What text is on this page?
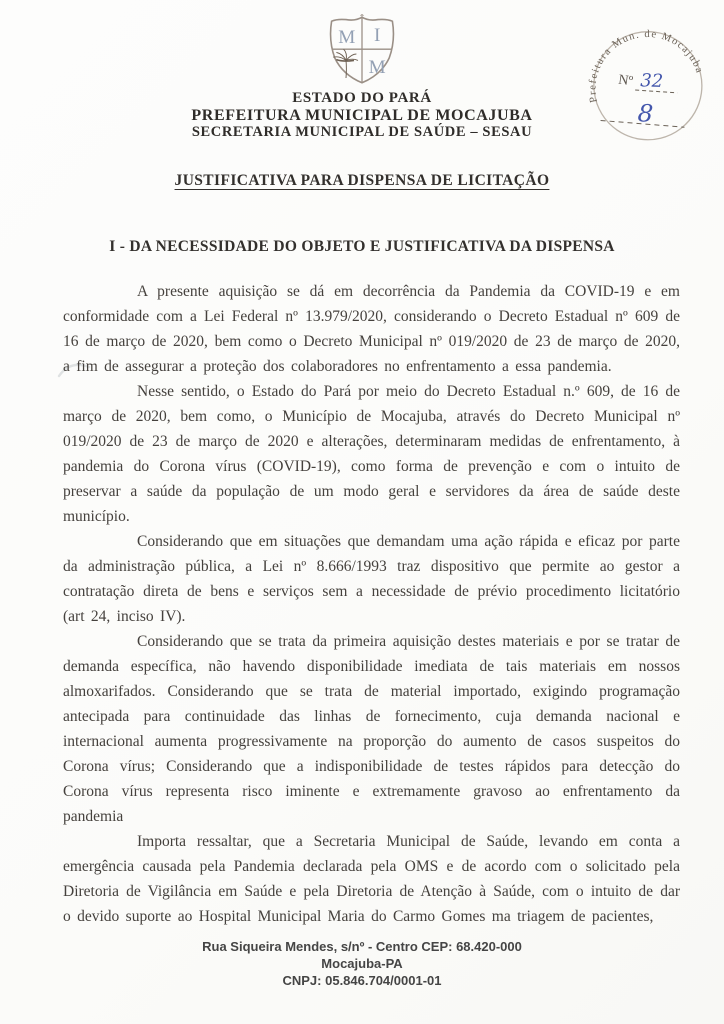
M I
M
ESTADO DO PARÁ
PREFEITURA MUNICIPAL DE MOCAJUBA
SECRETARIA MUNICIPAL DE SAÚDE – SESAU
Prefeitura Mun. de Mocajuba
Nº 32
8
JUSTIFICATIVA PARA DISPENSA DE LICITAÇÃO
I - DA NECESSIDADE DO OBJETO E JUSTIFICATIVA DA DISPENSA

A presente aquisição se dá em decorrência da Pandemia da COVID-19 e em conformidade com a Lei Federal nº 13.979/2020, considerando o Decreto Estadual nº 609 de 16 de março de 2020, bem como o Decreto Municipal nº 019/2020 de 23 de março de 2020, a fim de assegurar a proteção dos colaboradores no enfrentamento a essa pandemia.

Nesse sentido, o Estado do Pará por meio do Decreto Estadual n.º 609, de 16 de março de 2020, bem como, o Município de Mocajuba, através do Decreto Municipal nº 019/2020 de 23 de março de 2020 e alterações, determinaram medidas de enfrentamento, à pandemia do Corona vírus (COVID-19), como forma de prevenção e com o intuito de preservar a saúde da população de um modo geral e servidores da área de saúde deste município.

Considerando que em situações que demandam uma ação rápida e eficaz por parte da administração pública, a Lei nº 8.666/1993 traz dispositivo que permite ao gestor a contratação direta de bens e serviços sem a necessidade de prévio procedimento licitatório (art 24, inciso IV).

Considerando que se trata da primeira aquisição destes materiais e por se tratar de demanda específica, não havendo disponibilidade imediata de tais materiais em nossos almoxarifados. Considerando que se trata de material importado, exigindo programação antecipada para continuidade das linhas de fornecimento, cuja demanda nacional e internacional aumenta progressivamente na proporção do aumento de casos suspeitos do Corona vírus; Considerando que a indisponibilidade de testes rápidos para detecção do Corona vírus representa risco iminente e extremamente gravoso ao enfrentamento da pandemia

Importa ressaltar, que a Secretaria Municipal de Saúde, levando em conta a emergência causada pela Pandemia declarada pela OMS e de acordo com o solicitado pela Diretoria de Vigilância em Saúde e pela Diretoria de Atenção à Saúde, com o intuito de dar o devido suporte ao Hospital Municipal Maria do Carmo Gomes ma triagem de pacientes,

Rua Siqueira Mendes, s/nº - Centro CEP: 68.420-000
Mocajuba-PA
CNPJ: 05.846.704/0001-01
